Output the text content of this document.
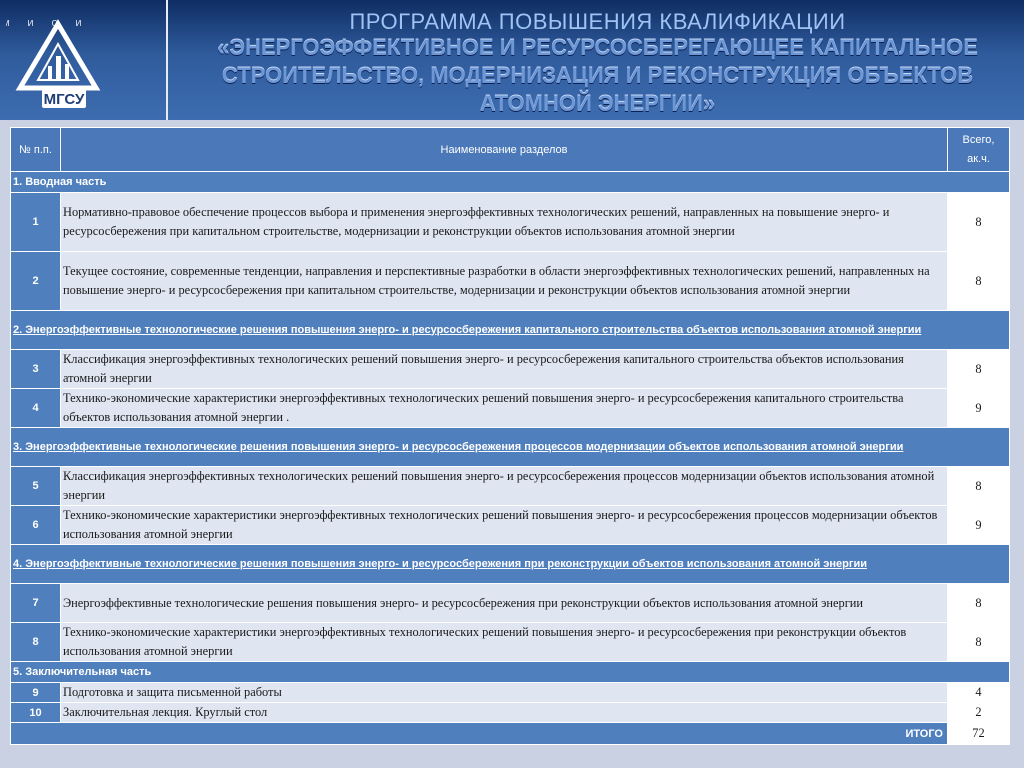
М И С И
МГСУ
ПРОГРАММА ПОВЫШЕНИЯ КВАЛИФИКАЦИИ
«ЭНЕРГОЭФФЕКТИВНОЕ И РЕСУРСОСБЕРЕГАЮЩЕЕ КАПИТАЛЬНОЕ
СТРОИТЕЛЬСТВО, МОДЕРНИЗАЦИЯ И РЕКОНСТРУКЦИЯ ОБЪЕКТОВ
АТОМНОЙ ЭНЕРГИИ»
№ п.п.	Наименование разделов	Всего, ак.ч.
1. Вводная часть		
1	Нормативно-правовое обеспечение процессов выбора и применения энергоэффективных технологических решений, направленных на повышение энерго- и ресурсосбережения при капитальном строительстве, модернизации и реконструкции объектов использования атомной энергии	8
2	Текущее состояние, современные тенденции, направления и перспективные разработки в области энергоэффективных технологических решений, направленных на повышение энерго- и ресурсосбережения при капитальном строительстве, модернизации и реконструкции объектов использования атомной энергии	8
2. Энергоэффективные технологические решения повышения энерго- и ресурсосбережения капитального строительства объектов использования атомной энергии		
3	Классификация энергоэффективных технологических решений повышения энерго- и ресурсосбережения капитального строительства объектов использования атомной энергии	8
4	Технико-экономические характеристики энергоэффективных технологических решений повышения энерго- и ресурсосбережения капитального строительства объектов использования атомной энергии .	9
3. Энергоэффективные технологические решения повышения энерго- и ресурсосбережения процессов модернизации объектов использования атомной энергии		
5	Классификация энергоэффективных технологических решений повышения энерго- и ресурсосбережения процессов модернизации объектов использования атомной энергии	8
6	Технико-экономические характеристики энергоэффективных технологических решений повышения энерго- и ресурсосбережения процессов модернизации объектов использования атомной энергии	9
4. Энергоэффективные технологические решения повышения энерго- и ресурсосбережения при реконструкции объектов использования атомной энергии		
7	Энергоэффективные технологические решения повышения энерго- и ресурсосбережения при реконструкции объектов использования атомной энергии	8
8	Технико-экономические характеристики энергоэффективных технологических решений повышения энерго- и ресурсосбережения при реконструкции объектов использования атомной энергии	8
5. Заключительная часть		
9	Подготовка и защита письменной работы	4
10	Заключительная лекция. Круглый стол	2
ИТОГО		72
